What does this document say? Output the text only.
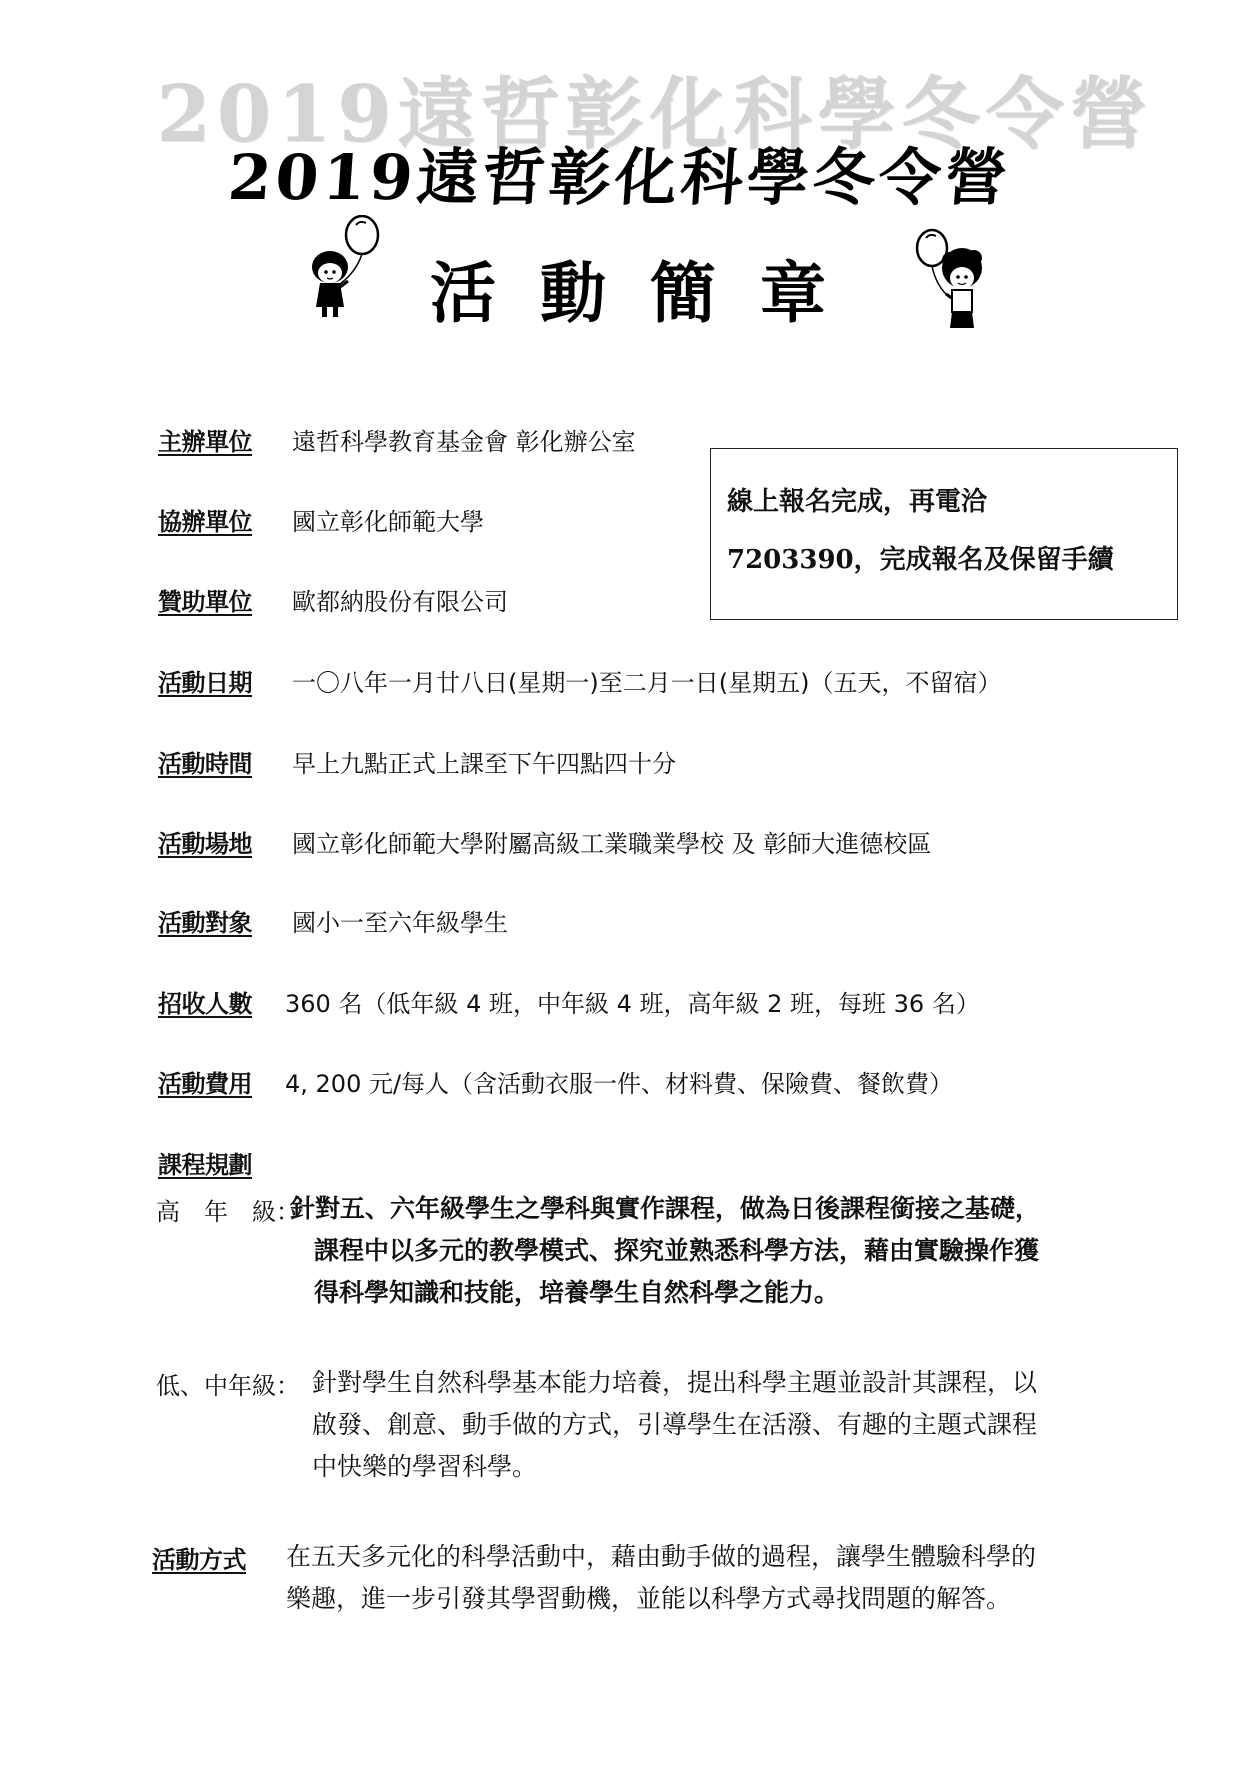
2019遠哲彰化科學冬令營
2019遠哲彰化科學冬令營
活動簡章
主辦單位 遠哲科學教育基金會 彰化辦公室
協辦單位 國立彰化師範大學
贊助單位 歐都納股份有限公司
線上報名完成，再電洽
7203390，完成報名及保留手續
活動日期 一〇八年一月廿八日(星期一)至二月一日(星期五)（五天，不留宿）
活動時間 早上九點正式上課至下午四點四十分
活動場地 國立彰化師範大學附屬高級工業職業學校 及 彰師大進德校區
活動對象 國小一至六年級學生
招收人數 360 名（低年級 4 班，中年級 4 班，高年級 2 班，每班 36 名）
活動費用 4, 200 元/每人（含活動衣服一件、材料費、保險費、餐飲費）
課程規劃
高　年　級：
針對五、六年級學生之學科與實作課程，做為日後課程銜接之基礎，
課程中以多元的教學模式、探究並熟悉科學方法，藉由實驗操作獲
得科學知識和技能，培養學生自然科學之能力。
低、中年級： 針對學生自然科學基本能力培養，提出科學主題並設計其課程，以
啟發、創意、動手做的方式，引導學生在活潑、有趣的主題式課程
中快樂的學習科學。
活動方式 在五天多元化的科學活動中，藉由動手做的過程，讓學生體驗科學的
樂趣，進一步引發其學習動機，並能以科學方式尋找問題的解答。
